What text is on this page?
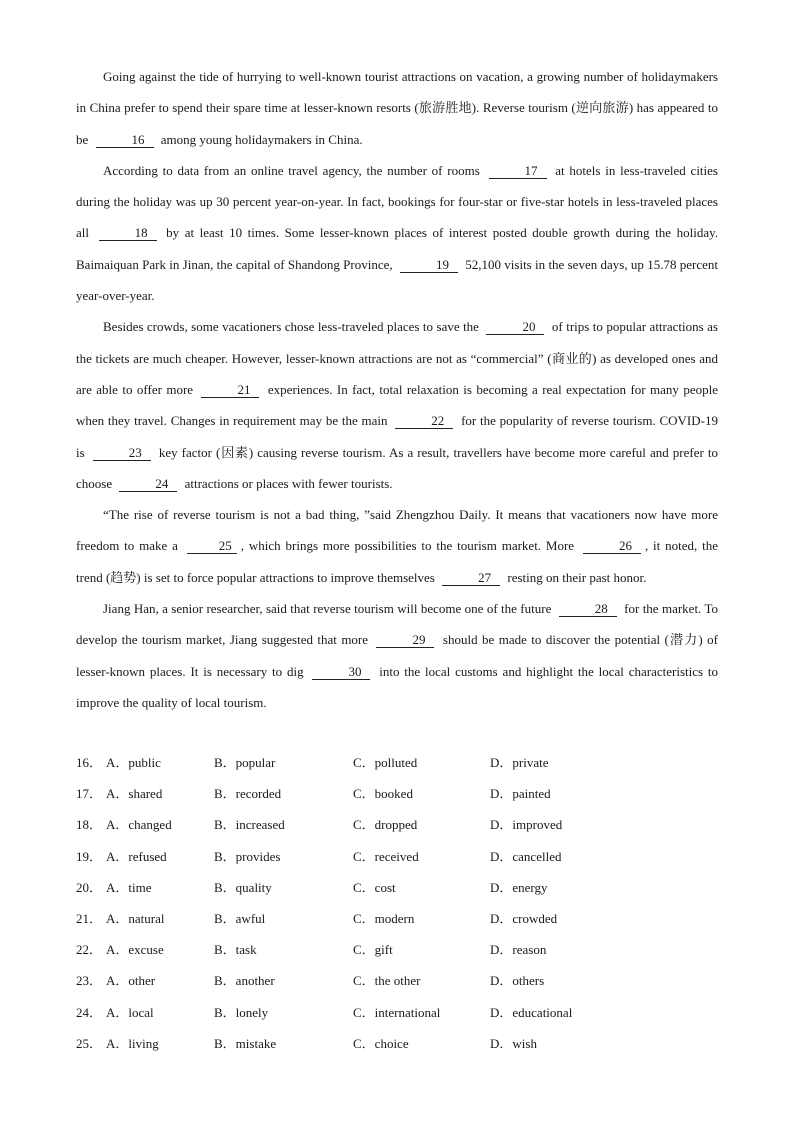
Going against the tide of hurrying to well-known tourist attractions on vacation, a growing number of holidaymakers in China prefer to spend their spare time at lesser-known resorts (旅游胜地). Reverse tourism (逆向旅游) has appeared to be	16 among young holidaymakers in China.

According to data from an online travel agency, the number of rooms	17 at hotels in less-traveled cities during the holiday was up 30 percent year-on-year. In fact, bookings for four-star or five-star hotels in less-traveled places all	18 by at least 10 times. Some lesser-known places of interest posted double growth during the holiday. Baimaiquan Park in Jinan, the capital of Shandong Province,	19 52,100 visits in the seven days, up 15.78 percent year-over-year.

Besides crowds, some vacationers chose less-traveled places to save the	20 of trips to popular attractions as the tickets are much cheaper. However, lesser-known attractions are not as “commercial” (商业的) as developed ones and are able to offer more	21 experiences. In fact, total relaxation is becoming a real expectation for many people when they travel. Changes in requirement may be the main	22 for the popularity of reverse tourism. COVID-19 is	23 key factor (因素) causing reverse tourism. As a result, travellers have become more careful and prefer to choose	24 attractions or places with fewer tourists.

“The rise of reverse tourism is not a bad thing, ”said Zhengzhou Daily. It means that vacationers now have more freedom to make a	25 , which brings more possibilities to the tourism market. More	26 , it noted, the trend (趋势) is set to force popular attractions to improve themselves	27 resting on their past honor.

Jiang Han, a senior researcher, said that reverse tourism will become one of the future	28 for the market. To develop the tourism market, Jiang suggested that more	29 should be made to discover the potential (潜力) of lesser-known places. It is necessary to dig	30 into the local customs and highlight the local characteristics to improve the quality of local tourism.

16． A．public	B．popular	C．polluted	D．private
17． A．shared	B．recorded	C．booked	D．painted
18． A．changed	B．increased	C．dropped	D．improved
19． A．refused	B．provides	C．received	D．cancelled
20． A．time	B．quality	C．cost	D．energy
21． A．natural	B．awful	C．modern	D．crowded
22． A．excuse	B．task	C．gift	D．reason
23． A．other	B．another	C．the other	D．others
24． A．local	B．lonely	C．international	D．educational
25． A．living	B．mistake	C．choice	D．wish
